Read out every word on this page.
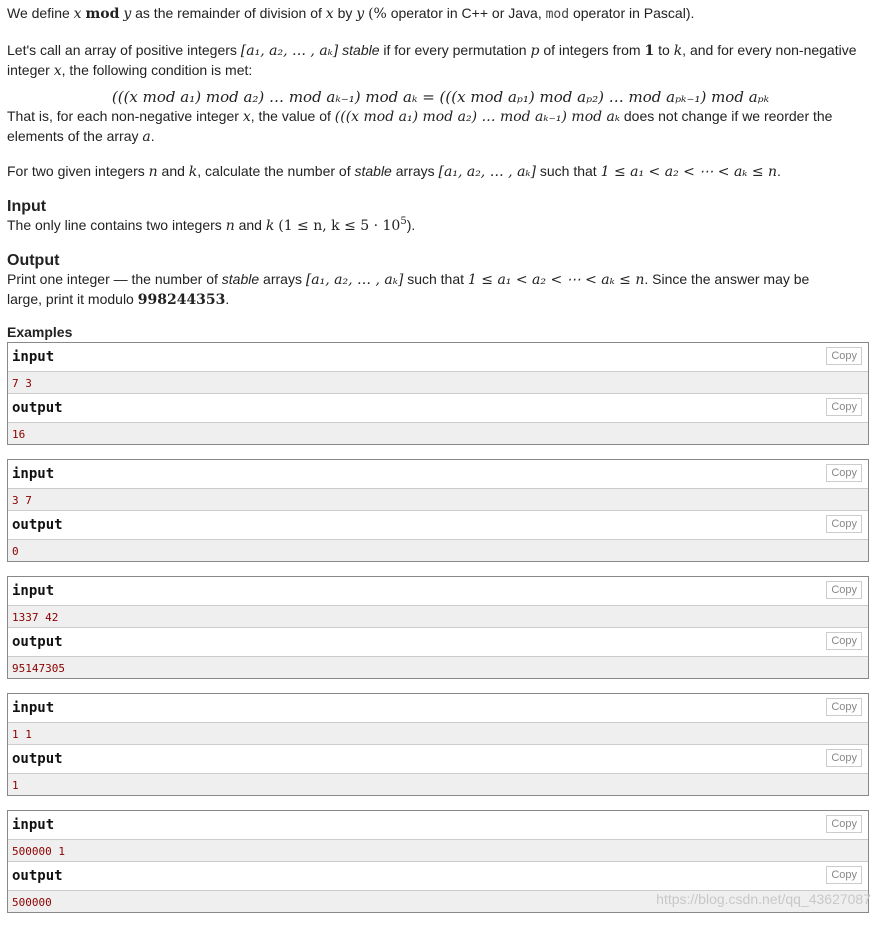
We define x mod y as the remainder of division of x by y (% operator in C++ or Java, mod operator in Pascal).

Let's call an array of positive integers [a₁, a₂, … , aₖ] stable if for every permutation p of integers from 1 to k, and for every non-negative
integer x, the following condition is met:

(((x mod a₁) mod a₂) … mod aₖ₋₁) mod aₖ = (((x mod aₚ₁) mod aₚ₂) … mod aₚₖ₋₁) mod aₚₖ

That is, for each non-negative integer x, the value of (((x mod a₁) mod a₂) … mod aₖ₋₁) mod aₖ does not change if we reorder the
elements of the array a.

For two given integers n and k, calculate the number of stable arrays [a₁, a₂, … , aₖ] such that 1 ≤ a₁ < a₂ < ⋯ < aₖ ≤ n.

Input

The only line contains two integers n and k (1 ≤ n, $k \le 5 \cdot 10^5$).

Output

Print one integer — the number of stable arrays [a₁, a₂, … , aₖ] such that 1 ≤ a₁ < a₂ < ⋯ < aₖ ≤ n. Since the answer may be
large, print it modulo 998244353.

Examples
input	Copy
7 3
output	Copy
16
input	Copy
3 7
output	Copy
0
input	Copy
1337 42
output	Copy
95147305
input	Copy
1 1
output	Copy
1
input	Copy
500000 1
output	Copy
500000	https://blog.csdn.net/qq_43627087
